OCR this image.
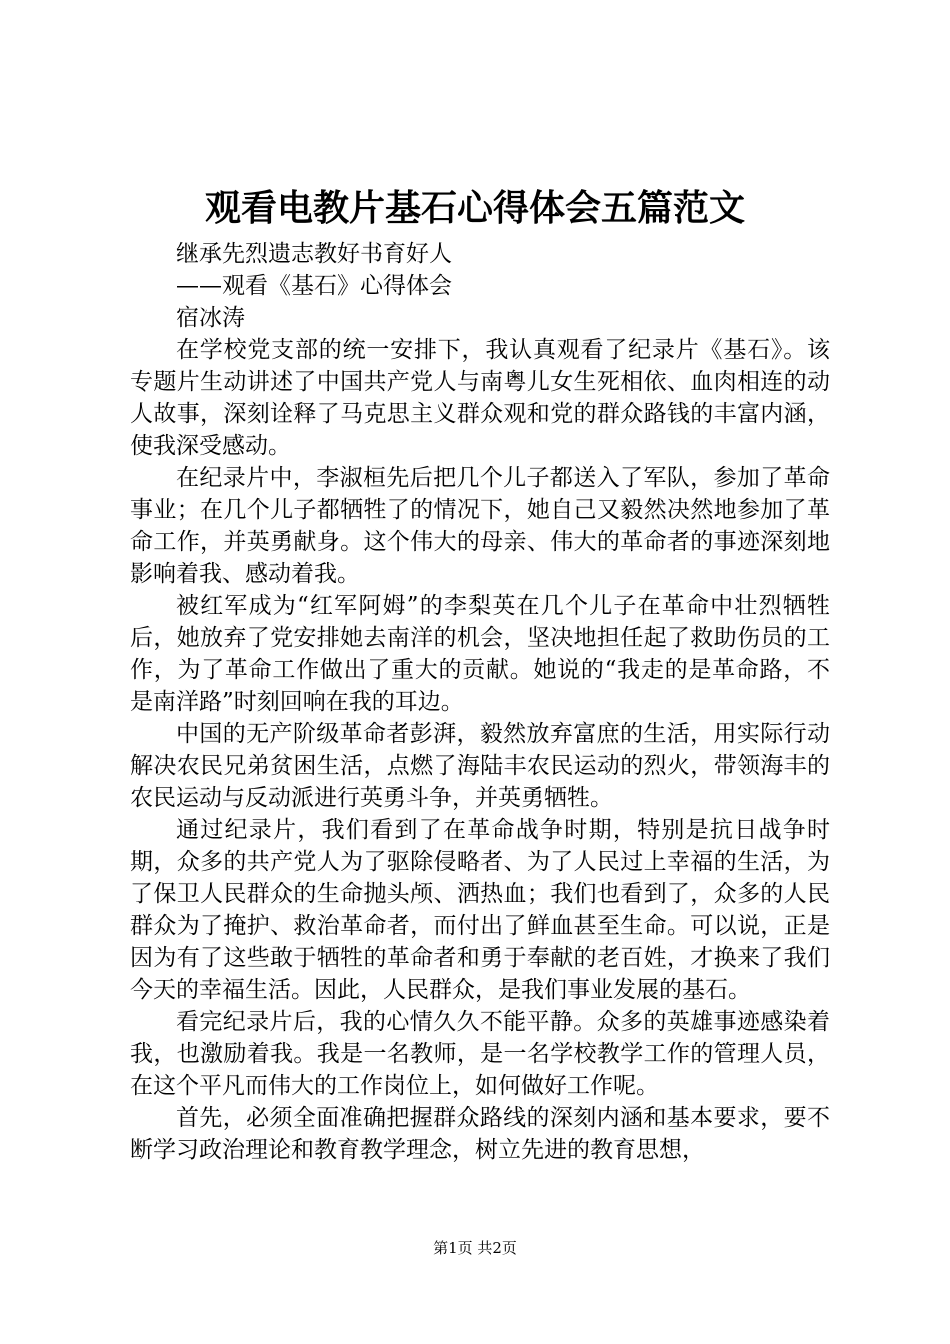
观看电教片基石心得体会五篇范文
继承先烈遗志教好书育好人
——观看《基石》心得体会
宿冰涛

在学校党支部的统一安排下，我认真观看了纪录片《基石》。该专题片生动讲述了中国共产党人与南粤儿女生死相依、血肉相连的动人故事，深刻诠释了马克思主义群众观和党的群众路钱的丰富内涵，使我深受感动。

在纪录片中，李淑桓先后把几个儿子都送入了军队，参加了革命事业；在几个儿子都牺牲了的情况下，她自己又毅然决然地参加了革命工作，并英勇献身。这个伟大的母亲、伟大的革命者的事迹深刻地影响着我、感动着我。

被红军成为“红军阿姆”的李梨英在几个儿子在革命中壮烈牺牲后，她放弃了党安排她去南洋的机会，坚决地担任起了救助伤员的工作，为了革命工作做出了重大的贡献。她说的“我走的是革命路，不是南洋路”时刻回响在我的耳边。

中国的无产阶级革命者彭湃，毅然放弃富庶的生活，用实际行动解决农民兄弟贫困生活，点燃了海陆丰农民运动的烈火，带领海丰的农民运动与反动派进行英勇斗争，并英勇牺牲。

通过纪录片，我们看到了在革命战争时期，特别是抗日战争时期，众多的共产党人为了驱除侵略者、为了人民过上幸福的生活，为了保卫人民群众的生命抛头颅、洒热血；我们也看到了，众多的人民群众为了掩护、救治革命者，而付出了鲜血甚至生命。可以说，正是因为有了这些敢于牺牲的革命者和勇于奉献的老百姓，才换来了我们今天的幸福生活。因此，人民群众，是我们事业发展的基石。

看完纪录片后，我的心情久久不能平静。众多的英雄事迹感染着我，也激励着我。我是一名教师，是一名学校教学工作的管理人员，在这个平凡而伟大的工作岗位上，如何做好工作呢。

首先，必须全面准确把握群众路线的深刻内涵和基本要求，要不断学习政治理论和教育教学理念，树立先进的教育思想，

第1页 共2页
